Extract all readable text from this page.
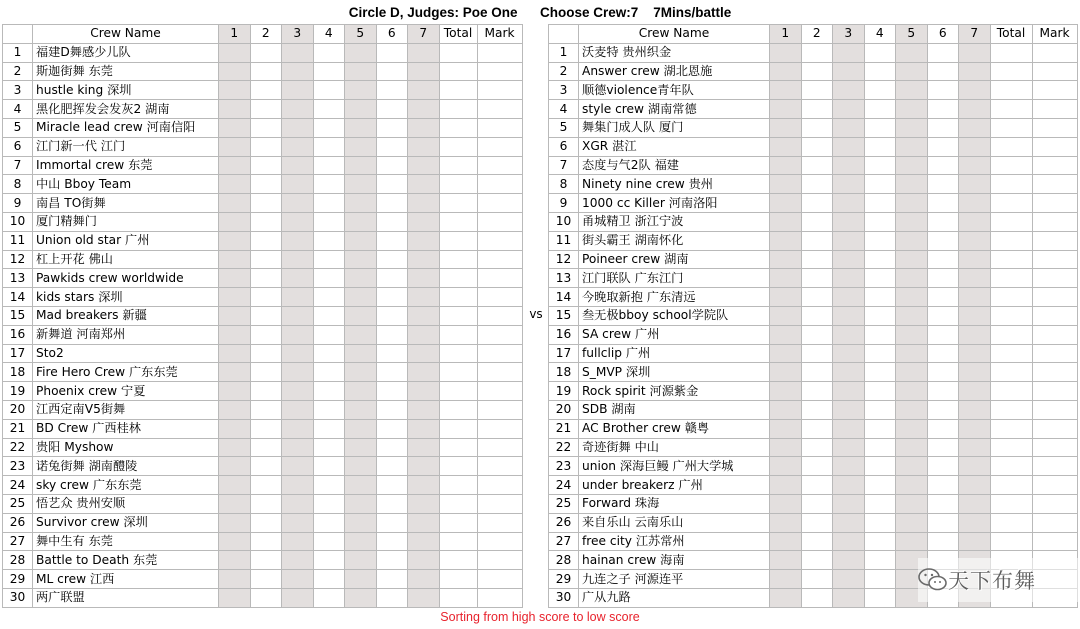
Circle D, Judges: Poe One      Choose Crew:7    7Mins/battle
	Crew Name	1	2	3	4	5	6	7	Total	Mark
1	福建D舞感少儿队									
2	斯迦街舞 东莞									
3	hustle king 深圳									
4	黑化肥挥发会发灰2 湖南									
5	Miracle lead crew 河南信阳									
6	江门新一代 江门									
7	Immortal crew 东莞									
8	中山 Bboy Team									
9	南昌 TO街舞									
10	厦门精舞门									
11	Union old star 广州									
12	杠上开花 佛山									
13	Pawkids crew worldwide									
14	kids stars 深圳									
15	Mad breakers 新疆									
16	新舞道 河南郑州									
17	Sto2									
18	Fire Hero Crew 广东东莞									
19	Phoenix crew 宁夏									
20	江西定南V5街舞									
21	BD Crew 广西桂林									
22	贵阳 Myshow									
23	诺兔街舞 湖南醴陵									
24	sky crew 广东东莞									
25	悟艺众 贵州安顺									
26	Survivor crew 深圳									
27	舞中生有 东莞									
28	Battle to Death 东莞									
29	ML crew 江西									
30	两广联盟									
vs
	Crew Name	1	2	3	4	5	6	7	Total	Mark
1	沃麦特 贵州织金									
2	Answer crew 湖北恩施									
3	顺德violence青年队									
4	style crew 湖南常德									
5	舞集门成人队 厦门									
6	XGR 湛江									
7	态度与气2队 福建									
8	Ninety nine crew 贵州									
9	1000 cc Killer 河南洛阳									
10	甬城精卫 浙江宁波									
11	街头霸王 湖南怀化									
12	Poineer crew 湖南									
13	江门联队 广东江门									
14	今晚取新抱 广东清远									
15	叁无极bboy school学院队									
16	SA crew 广州									
17	fullclip 广州									
18	S_MVP 深圳									
19	Rock spirit 河源紫金									
20	SDB 湖南									
21	AC Brother crew 赣粤									
22	奇迹街舞 中山									
23	union 深海巨鳗 广州大学城									
24	under breakerz 广州									
25	Forward 珠海									
26	来自乐山 云南乐山									
27	free city 江苏常州									
28	hainan crew 海南									
29	九连之子 河源连平									
30	广从九路									
Sorting from high score to low score
天下布舞
